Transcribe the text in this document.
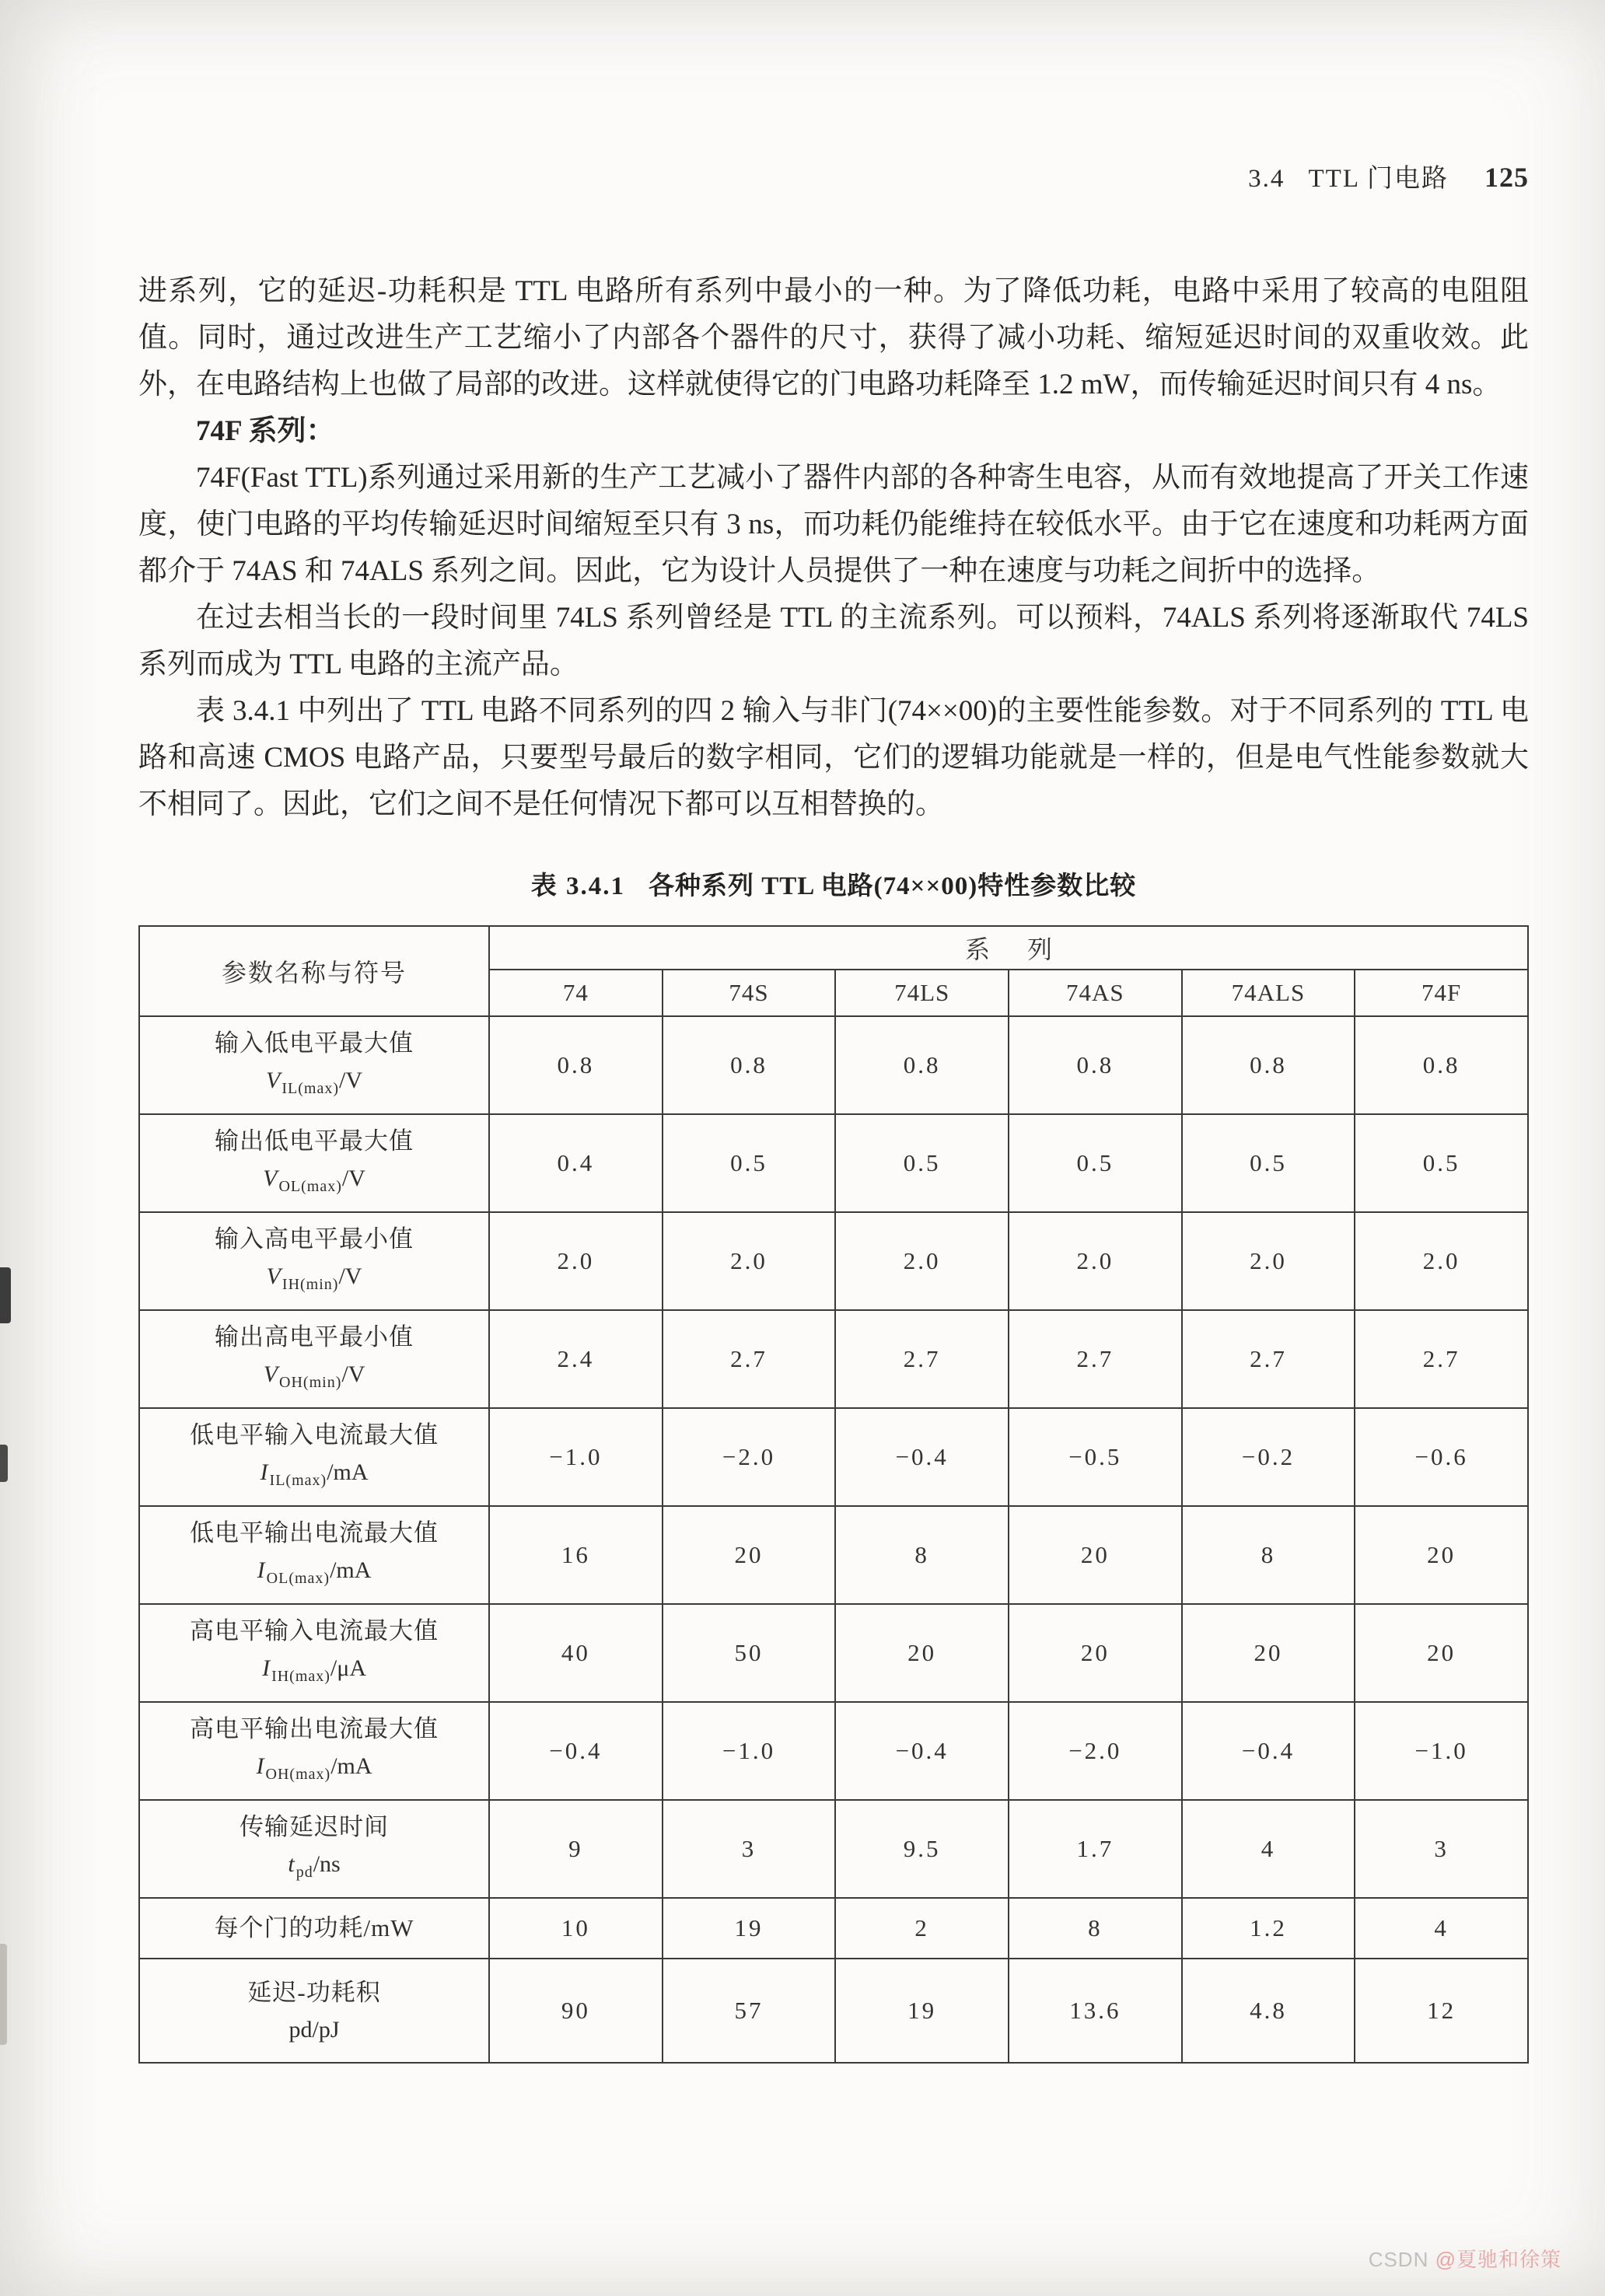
3.4   TTL 门电路 125

进系列，它的延迟-功耗积是 TTL 电路所有系列中最小的一种。为了降低功耗，电路中采用了较高的电阻阻值。同时，通过改进生产工艺缩小了内部各个器件的尺寸，获得了减小功耗、缩短延迟时间的双重收效。此外，在电路结构上也做了局部的改进。这样就使得它的门电路功耗降至 1.2 mW，而传输延迟时间只有 4 ns。

74F 系列：

74F(Fast TTL)系列通过采用新的生产工艺减小了器件内部的各种寄生电容，从而有效地提高了开关工作速度，使门电路的平均传输延迟时间缩短至只有 3 ns，而功耗仍能维持在较低水平。由于它在速度和功耗两方面都介于 74AS 和 74ALS 系列之间。因此，它为设计人员提供了一种在速度与功耗之间折中的选择。

在过去相当长的一段时间里 74LS 系列曾经是 TTL 的主流系列。可以预料，74ALS 系列将逐渐取代 74LS 系列而成为 TTL 电路的主流产品。

表 3.4.1 中列出了 TTL 电路不同系列的四 2 输入与非门(74××00)的主要性能参数。对于不同系列的 TTL 电路和高速 CMOS 电路产品，只要型号最后的数字相同，它们的逻辑功能就是一样的，但是电气性能参数就大不相同了。因此，它们之间不是任何情况下都可以互相替换的。

表 3.4.1 各种系列 TTL 电路(74××00)特性参数比较
参数名称与符号	系      列					
	74	74S	74LS	74AS	74ALS	74F

输入低电平最大值
V $_{IL(max)}$/V	0.8	0.8	0.8	0.8	0.8	0.8

输出低电平最大值
V $_{OL(max)}$/V	0.4	0.5	0.5	0.5	0.5	0.5

输入高电平最小值
V $_{IH(min)}$/V	2.0	2.0	2.0	2.0	2.0	2.0

输出高电平最小值
V $_{OH(min)}$/V	2.4	2.7	2.7	2.7	2.7	2.7

低电平输入电流最大值
I $_{IL(max)}$/mA	−1.0	−2.0	−0.4	−0.5	−0.2	−0.6

低电平输出电流最大值
I $_{OL(max)}$/mA	16	20	8	20	8	20

高电平输入电流最大值
I $_{IH(max)}$/μA	40	50	20	20	20	20

高电平输出电流最大值
I $_{OH(max)}$/mA	−0.4	−1.0	−0.4	−2.0	−0.4	−1.0

传输延迟时间
t $_{pd}$/ns	9	3	9.5	1.7	4	3

每个门的功耗/mW	10	19	2	8	1.2	4

延迟-功耗积
pd/pJ	90	57	19	13.6	4.8	12
CSDN @夏驰和徐策
